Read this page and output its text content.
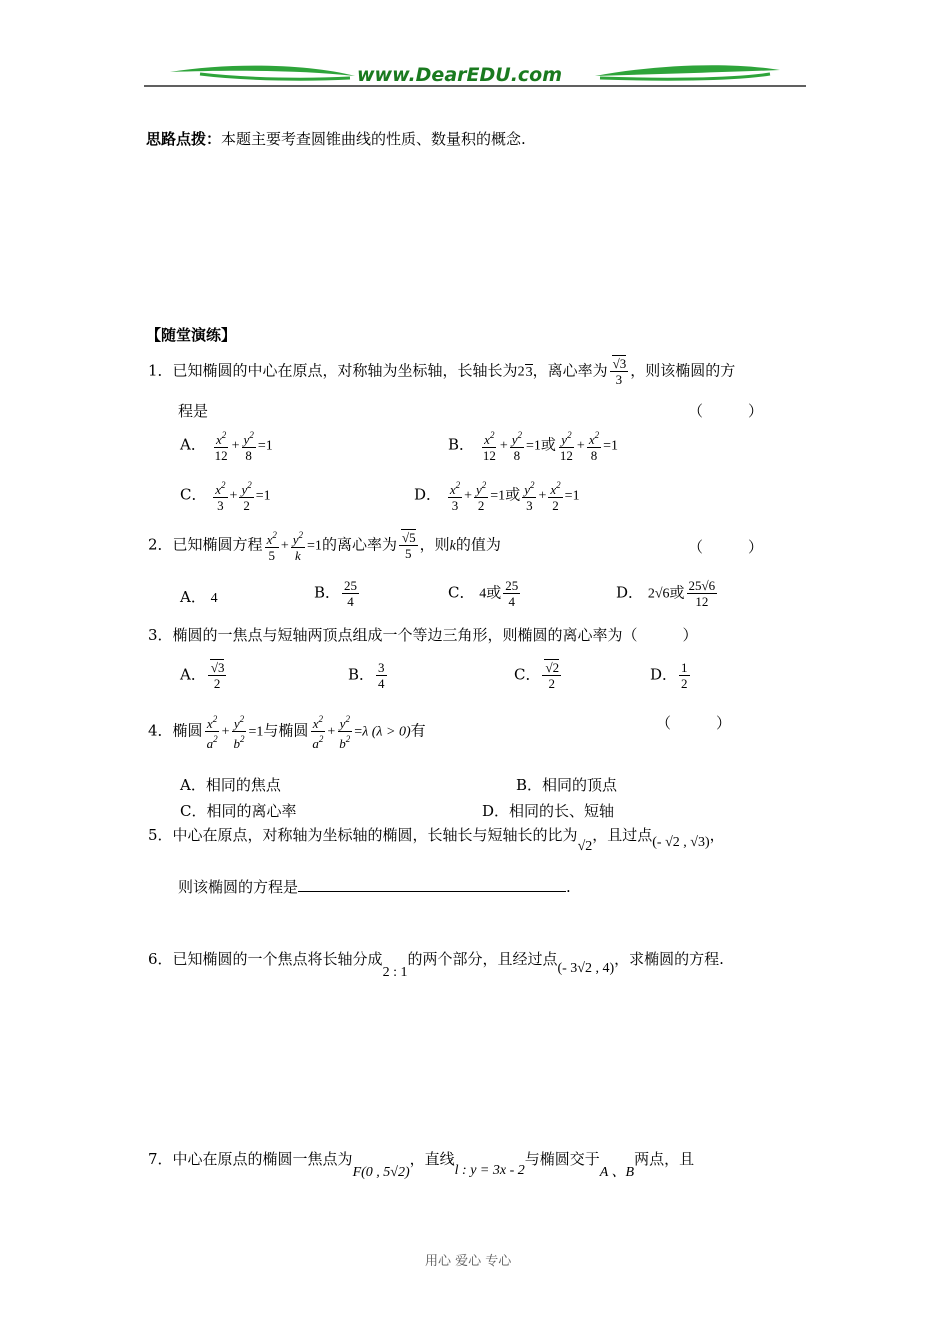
www.DearEDU.com
思路点拨：本题主要考查圆锥曲线的性质、数量积的概念.
【随堂演练】
1．已知椭圆的中心在原点，对称轴为坐标轴，长轴长为23，离心率为 $\frac{√3}{3}$ ，则该椭圆的方
程是	（　　　）
A． $\frac{x^2}{12} + \frac{y^2}{8} =1$	B． $\frac{x^2}{12} + \frac{y^2}{8} =1$或 $\frac{y^2}{12} + \frac{x^2}{8} =1$
C． $\frac{x^2}{3} + \frac{y^2}{2} =1$	D． $\frac{x^2}{3} + \frac{y^2}{2} =1$或 $\frac{y^2}{3} + \frac{x^2}{2} =1$
2．已知椭圆方程 $\frac{x^2}{5} + \frac{y^2}{k} =1$的离心率为 $\frac{√5}{5}$ ，则k的值为	（　　　）
A． 4	B． $\frac{25}{4}$	C． 4或 $\frac{25}{4}$	D． 2√6或 $\frac{25√6}{12}$
3．椭圆的一焦点与短轴两顶点组成一个等边三角形，则椭圆的离心率为（　　　）
A． $\frac{√3}{2}$	B． $\frac{3}{4}$	C． $\frac{√2}{2}$	D． $\frac{1}{2}$
4．椭圆 $\frac{x^2}{a^2} + \frac{y^2}{b^2} =1$与椭圆 $\frac{x^2}{a^2} + \frac{y^2}{b^2} =\lambda$ (λ > 0)有	（　　　）
A．相同的焦点	B．相同的顶点
C．相同的离心率	D．相同的长、短轴
5．中心在原点，对称轴为坐标轴的椭圆，长轴长与短轴长的比为√2，且过点(- √2 , √3)，
则该椭圆的方程是	.
6．已知椭圆的一个焦点将长轴分成2 : 1的两个部分，且经过点(- 3√2 , 4)，求椭圆的方程.
7．中心在原点的椭圆一焦点为F(0 , 5√2)，直线l : y = 3x - 2与椭圆交于A 、B两点，且
用心 爱心 专心
